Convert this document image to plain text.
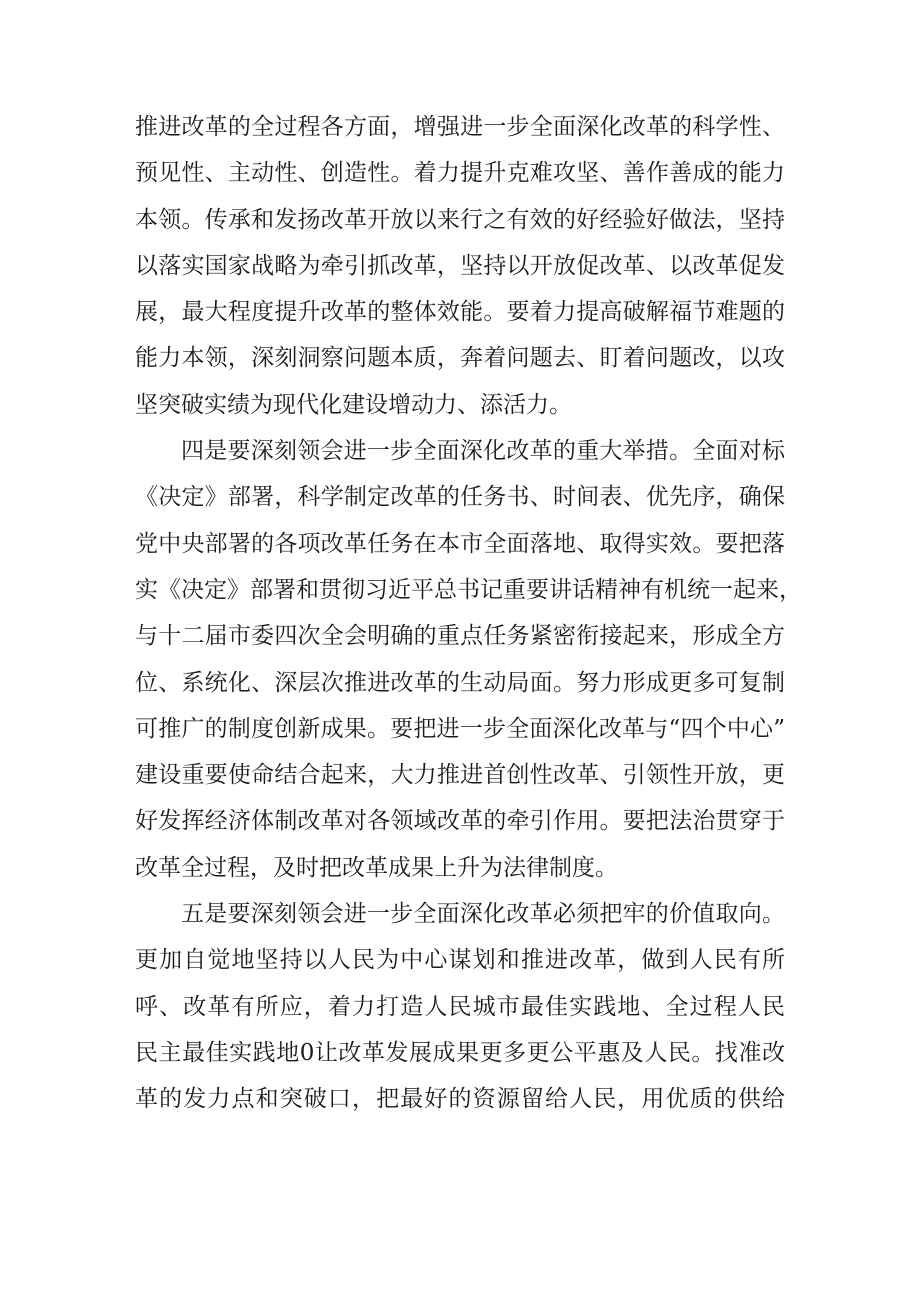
推进改革的全过程各方面，增强进一步全面深化改革的科学性、
预见性、主动性、创造性。着力提升克难攻坚、善作善成的能力
本领。传承和发扬改革开放以来行之有效的好经验好做法，坚持
以落实国家战略为牵引抓改革，坚持以开放促改革、以改革促发
展，最大程度提升改革的整体效能。要着力提高破解福节难题的
能力本领，深刻洞察问题本质，奔着问题去、盯着问题改，以攻
坚突破实绩为现代化建设增动力、添活力。
四是要深刻领会进一步全面深化改革的重大举措。全面对标
《决定》部署，科学制定改革的任务书、时间表、优先序，确保
党中央部署的各项改革任务在本市全面落地、取得实效。要把落
实《决定》部署和贯彻习近平总书记重要讲话精神有机统一起来，
与十二届市委四次全会明确的重点任务紧密衔接起来，形成全方
位、系统化、深层次推进改革的生动局面。努力形成更多可复制
可推广的制度创新成果。要把进一步全面深化改革与“四个中心”
建设重要使命结合起来，大力推进首创性改革、引领性开放，更
好发挥经济体制改革对各领域改革的牵引作用。要把法治贯穿于
改革全过程，及时把改革成果上升为法律制度。
五是要深刻领会进一步全面深化改革必须把牢的价值取向。
更加自觉地坚持以人民为中心谋划和推进改革，做到人民有所
呼、改革有所应，着力打造人民城市最佳实践地、全过程人民
民主最佳实践地0让改革发展成果更多更公平惠及人民。找准改
革的发力点和突破口，把最好的资源留给人民，用优质的供给
